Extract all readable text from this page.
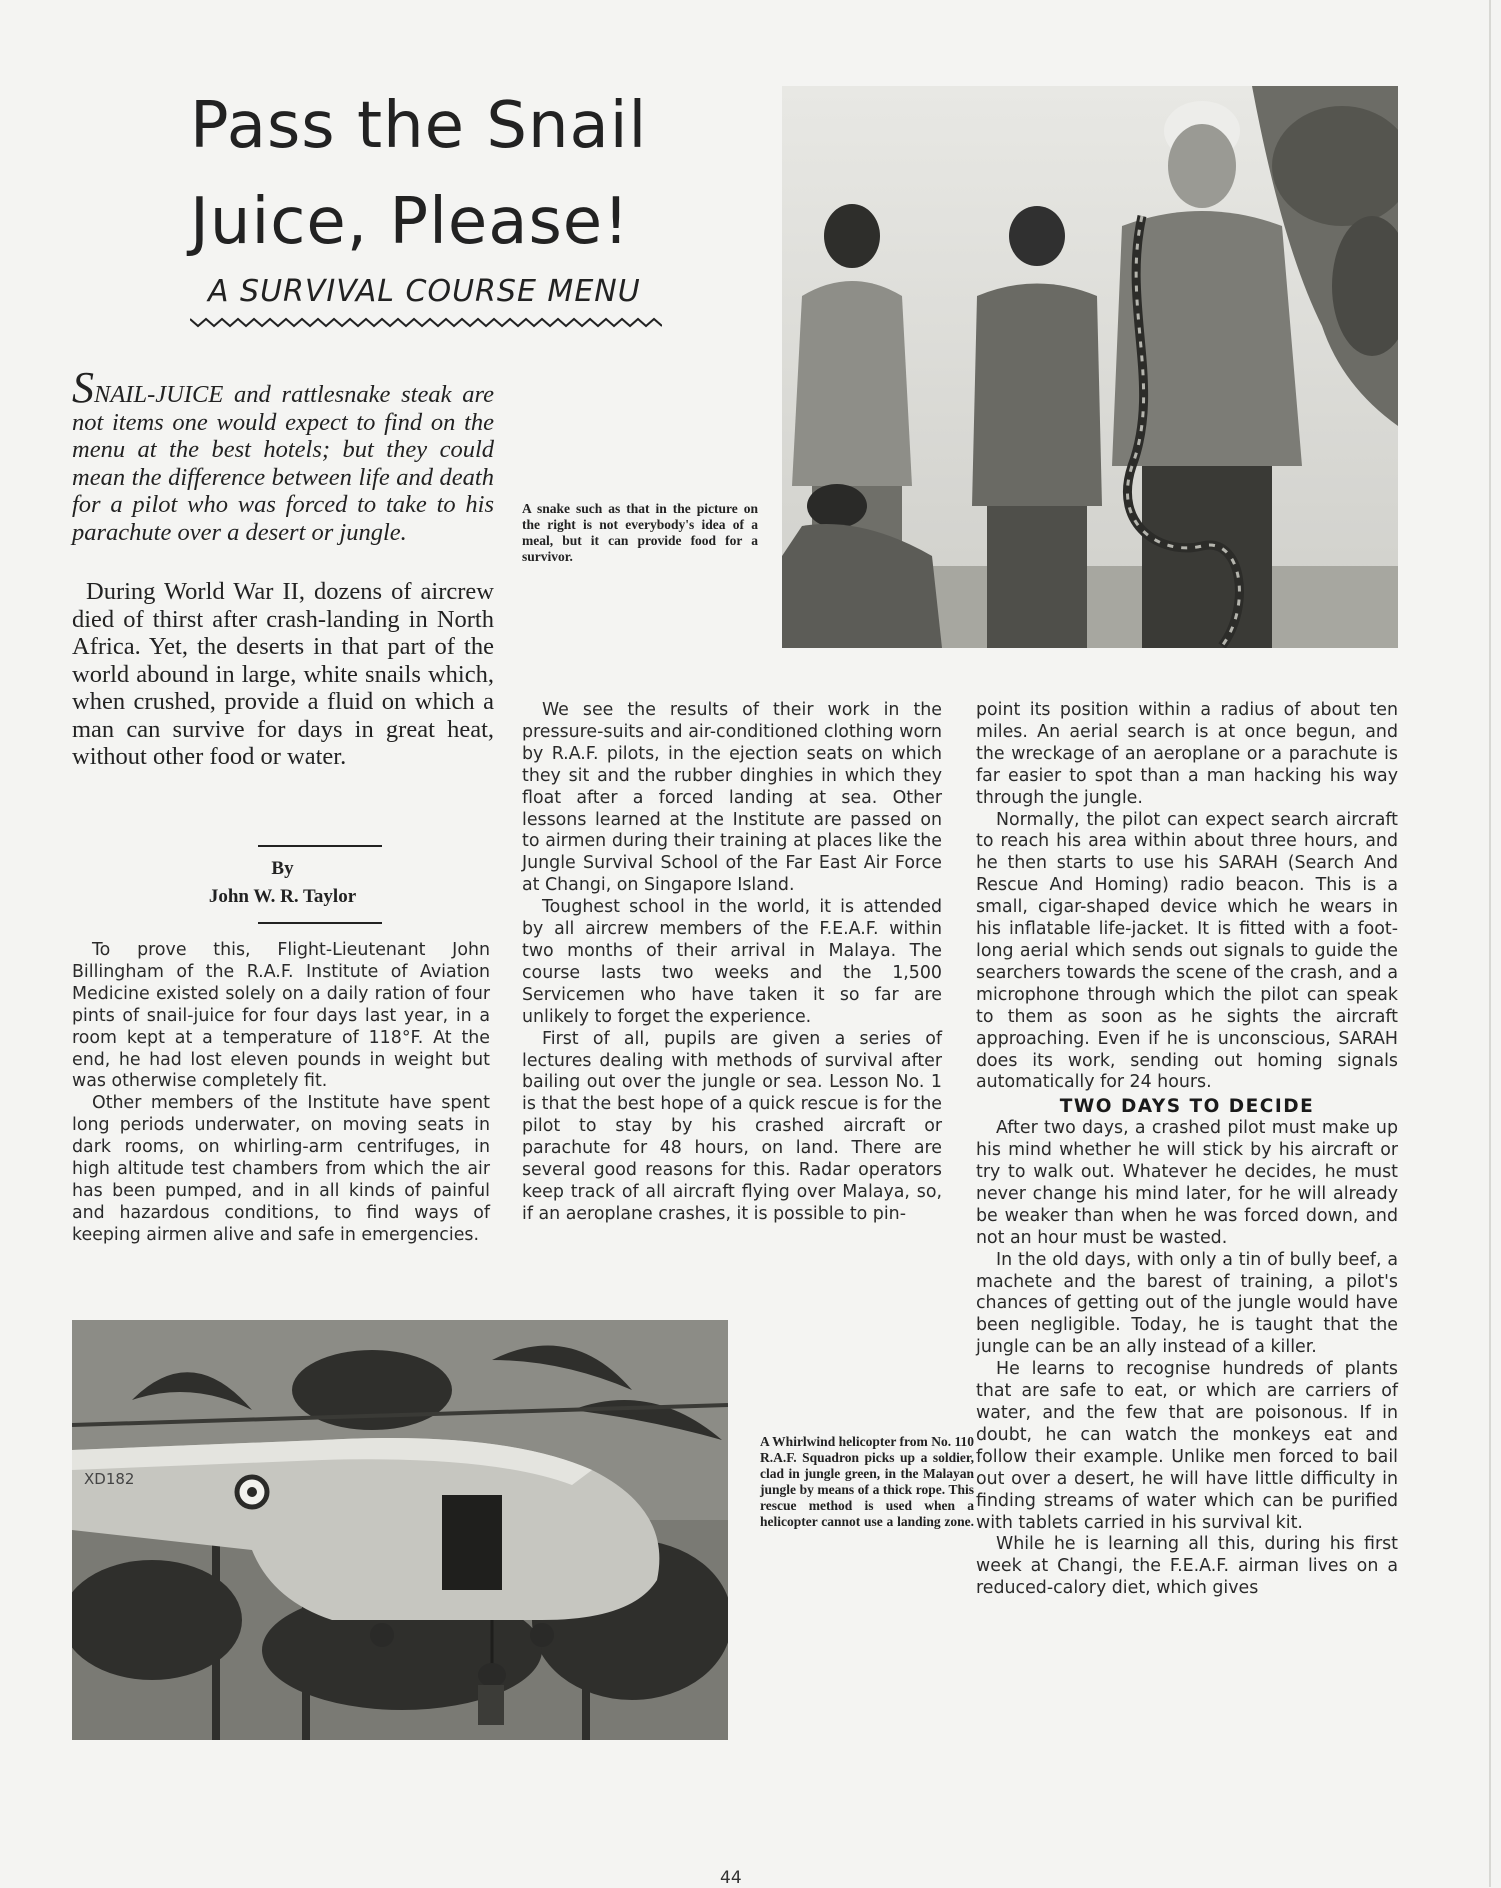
Pass the Snail
Juice, Please!
A SURVIVAL COURSE MENU
SNAIL-JUICE and rattlesnake steak are not items one would expect to find on the menu at the best hotels; but they could mean the difference between life and death for a pilot who was forced to take to his parachute over a desert or jungle.
During World War II, dozens of aircrew died of thirst after crash-landing in North Africa. Yet, the deserts in that part of the world abound in large, white snails which, when crushed, provide a fluid on which a man can survive for days in great heat, without other food or water.
By
John W. R. Taylor

To prove this, Flight-Lieutenant John Billingham of the R.A.F. Institute of Aviation Medicine existed solely on a daily ration of four pints of snail-juice for four days last year, in a room kept at a temperature of 118°F. At the end, he had lost eleven pounds in weight but was otherwise completely fit.

Other members of the Institute have spent long periods underwater, on moving seats in dark rooms, on whirling-arm centrifuges, in high altitude test chambers from which the air has been pumped, and in all kinds of painful and hazardous conditions, to find ways of keeping airmen alive and safe in emergencies.

A snake such as that in the picture on the right is not everybody's idea of a meal, but it can provide food for a survivor.

We see the results of their work in the pressure-suits and air-conditioned clothing worn by R.A.F. pilots, in the ejection seats on which they sit and the rubber dinghies in which they float after a forced landing at sea. Other lessons learned at the Institute are passed on to airmen during their training at places like the Jungle Survival School of the Far East Air Force at Changi, on Singapore Island.

Toughest school in the world, it is attended by all aircrew members of the F.E.A.F. within two months of their arrival in Malaya. The course lasts two weeks and the 1,500 Servicemen who have taken it so far are unlikely to forget the experience.

First of all, pupils are given a series of lectures dealing with methods of survival after bailing out over the jungle or sea. Lesson No. 1 is that the best hope of a quick rescue is for the pilot to stay by his crashed aircraft or parachute for 48 hours, on land. There are several good reasons for this. Radar operators keep track of all aircraft flying over Malaya, so, if an aeroplane crashes, it is possible to pin-

point its position within a radius of about ten miles. An aerial search is at once begun, and the wreckage of an aeroplane or a parachute is far easier to spot than a man hacking his way through the jungle.

Normally, the pilot can expect search aircraft to reach his area within about three hours, and he then starts to use his SARAH (Search And Rescue And Homing) radio beacon. This is a small, cigar-shaped device which he wears in his inflatable life-jacket. It is fitted with a foot-long aerial which sends out signals to guide the searchers towards the scene of the crash, and a microphone through which the pilot can speak to them as soon as he sights the aircraft approaching. Even if he is unconscious, SARAH does its work, sending out homing signals automatically for 24 hours.

TWO DAYS TO DECIDE

After two days, a crashed pilot must make up his mind whether he will stick by his aircraft or try to walk out. Whatever he decides, he must never change his mind later, for he will already be weaker than when he was forced down, and not an hour must be wasted.

In the old days, with only a tin of bully beef, a machete and the barest of training, a pilot's chances of getting out of the jungle would have been negligible. Today, he is taught that the jungle can be an ally instead of a killer.

He learns to recognise hundreds of plants that are safe to eat, or which are carriers of water, and the few that are poisonous. If in doubt, he can watch the monkeys eat and follow their example. Unlike men forced to bail out over a desert, he will have little difficulty in finding streams of water which can be purified with tablets carried in his survival kit.

While he is learning all this, during his first week at Changi, the F.E.A.F. airman lives on a reduced-calory diet, which gives

XD182
A Whirlwind helicopter from No. 110 R.A.F. Squadron picks up a soldier, clad in jungle green, in the Malayan jungle by means of a thick rope. This rescue method is used when a helicopter cannot use a landing zone.
44
